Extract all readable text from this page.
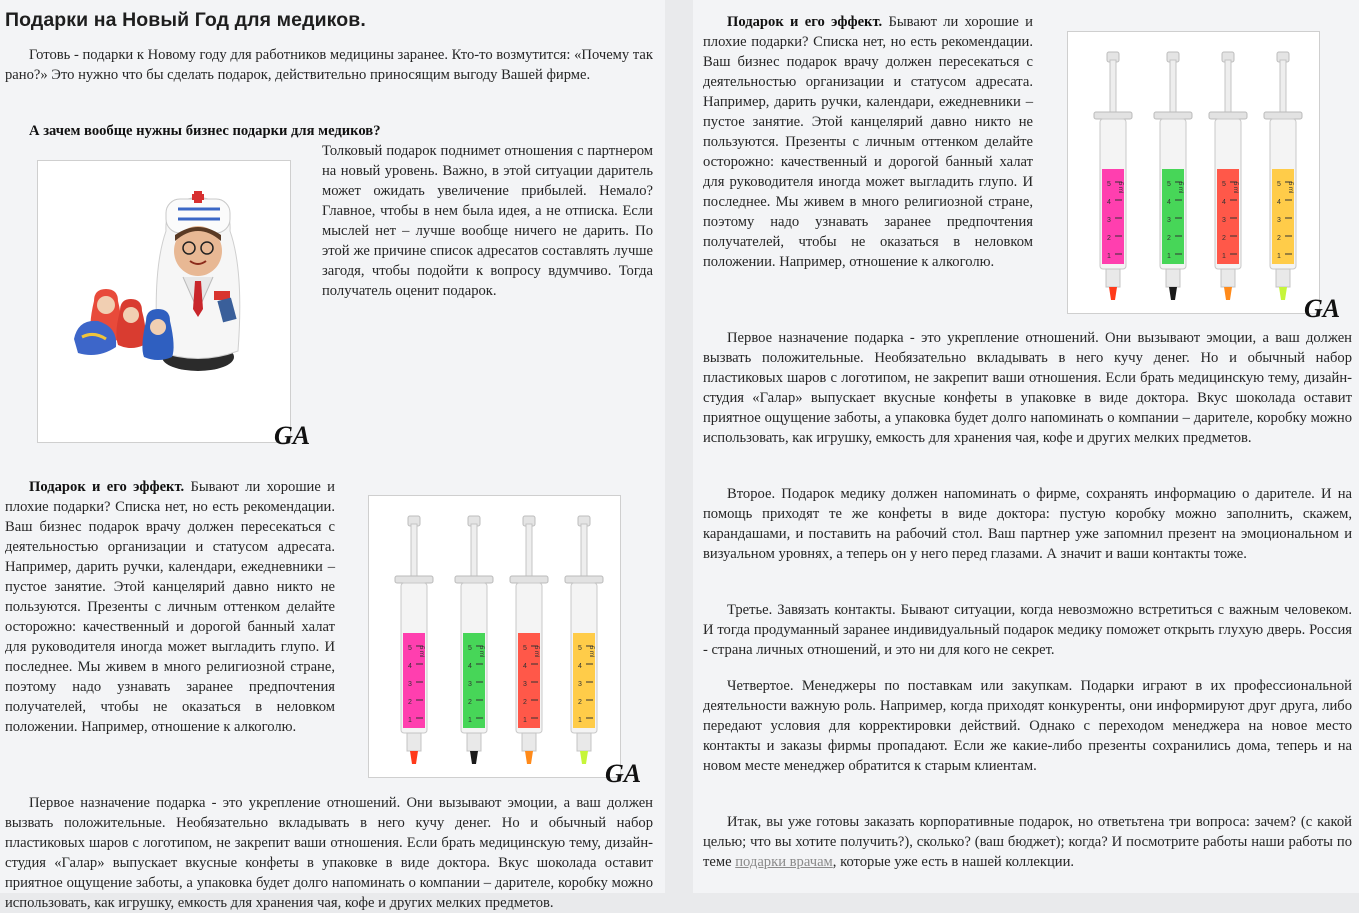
Подарки на Новый Год для медиков.

Готовь - подарки к Новому году для работников медицины заранее. Кто-то возмутится: «Почему так рано?» Это нужно что бы сделать подарок, действительно приносящим выгоду Вашей фирме.

А зачем вообще нужны бизнес подарки для медиков?

Толковый подарок поднимет отношения с партнером на новый уровень. Важно, в этой ситуации даритель может ожидать увеличение прибылей. Немало? Главное, чтобы в нем была идея, а не отписка. Если мыслей нет – лучше вообще ничего не дарить. По этой же причине список адресатов составлять лучше загодя, чтобы подойти к вопросу вдумчиво. Тогда получатель оценит подарок.

GA

Подарок и его эффект. Бывают ли хорошие и плохие подарки? Списка нет, но есть рекомендации. Ваш бизнес подарок врачу должен пересекаться с деятельностью организации и статусом адресата. Например, дарить ручки, календари, ежедневники – пустое занятие. Этой канцелярий давно никто не пользуются. Презенты с личным оттенком делайте осторожно: качественный и дорогой банный халат для руководителя иногда может выгладить глупо. И последнее. Мы живем в много религиозной стране, поэтому надо узнавать заранее предпочтения получателей, чтобы не оказаться в неловком положении. Например, отношение к алкоголю.	1
2
3
4
5 5 ml
1
2
3
4
5 5 ml
1
2
3
4
5 5 ml
1
2
3
4
5 5 ml
GA

Первое назначение подарка - это укрепление отношений. Они вызывают эмоции, а ваш должен вызвать положительные. Необязательно вкладывать в него кучу денег. Но и обычный набор пластиковых шаров с логотипом, не закрепит ваши отношения. Если брать медицинскую тему, дизайн-студия «Галар» выпускает вкусные конфеты в упаковке в виде доктора. Вкус шоколада оставит приятное ощущение заботы, а упаковка будет долго напоминать о компании – дарителе, коробку можно использовать, как игрушку, емкость для хранения чая, кофе и других мелких предметов.

Подарок и его эффект. Бывают ли хорошие и плохие подарки? Списка нет, но есть рекомендации. Ваш бизнес подарок врачу должен пересекаться с деятельностью организации и статусом адресата. Например, дарить ручки, календари, ежедневники – пустое занятие. Этой канцелярий давно никто не пользуются. Презенты с личным оттенком делайте осторожно: качественный и дорогой банный халат для руководителя иногда может выгладить глупо. И последнее. Мы живем в много религиозной стране, поэтому надо узнавать заранее предпочтения получателей, чтобы не оказаться в неловком положении. Например, отношение к алкоголю.	1
2
3
4
5 5 ml
1
2
3
4
5 5 ml
1
2
3
4
5 5 ml
1
2
3
4
5 5 ml
GA

Первое назначение подарка - это укрепление отношений. Они вызывают эмоции, а ваш должен вызвать положительные. Необязательно вкладывать в него кучу денег. Но и обычный набор пластиковых шаров с логотипом, не закрепит ваши отношения. Если брать медицинскую тему, дизайн-студия «Галар» выпускает вкусные конфеты в упаковке в виде доктора. Вкус шоколада оставит приятное ощущение заботы, а упаковка будет долго напоминать о компании – дарителе, коробку можно использовать, как игрушку, емкость для хранения чая, кофе и других мелких предметов.

Второе. Подарок медику должен напоминать о фирме, сохранять информацию о дарителе. И на помощь приходят те же конфеты в виде доктора: пустую коробку можно заполнить, скажем, карандашами, и поставить на рабочий стол. Ваш партнер уже запомнил презент на эмоциональном и визуальном уровнях, а теперь он у него перед глазами. А значит и ваши контакты тоже.

Третье. Завязать контакты. Бывают ситуации, когда невозможно встретиться с важным человеком. И тогда продуманный заранее индивидуальный подарок медику поможет открыть глухую дверь. Россия - страна личных отношений, и это ни для кого не секрет.

Четвертое. Менеджеры по поставкам или закупкам. Подарки играют в их профессиональной деятельности важную роль. Например, когда приходят конкуренты, они информируют друг друга, либо передают условия для корректировки действий. Однако с переходом менеджера на новое место контакты и заказы фирмы пропадают. Если же какие-либо презенты сохранились дома, теперь и на новом месте менеджер обратится к старым клиентам.

Итак, вы уже готовы заказать корпоративные подарок, но ответьтена три вопроса: зачем? (с какой целью; что вы хотите получить?), сколько? (ваш бюджет); когда? И посмотрите работы наши работы по теме подарки врачам, которые уже есть в нашей коллекции.
